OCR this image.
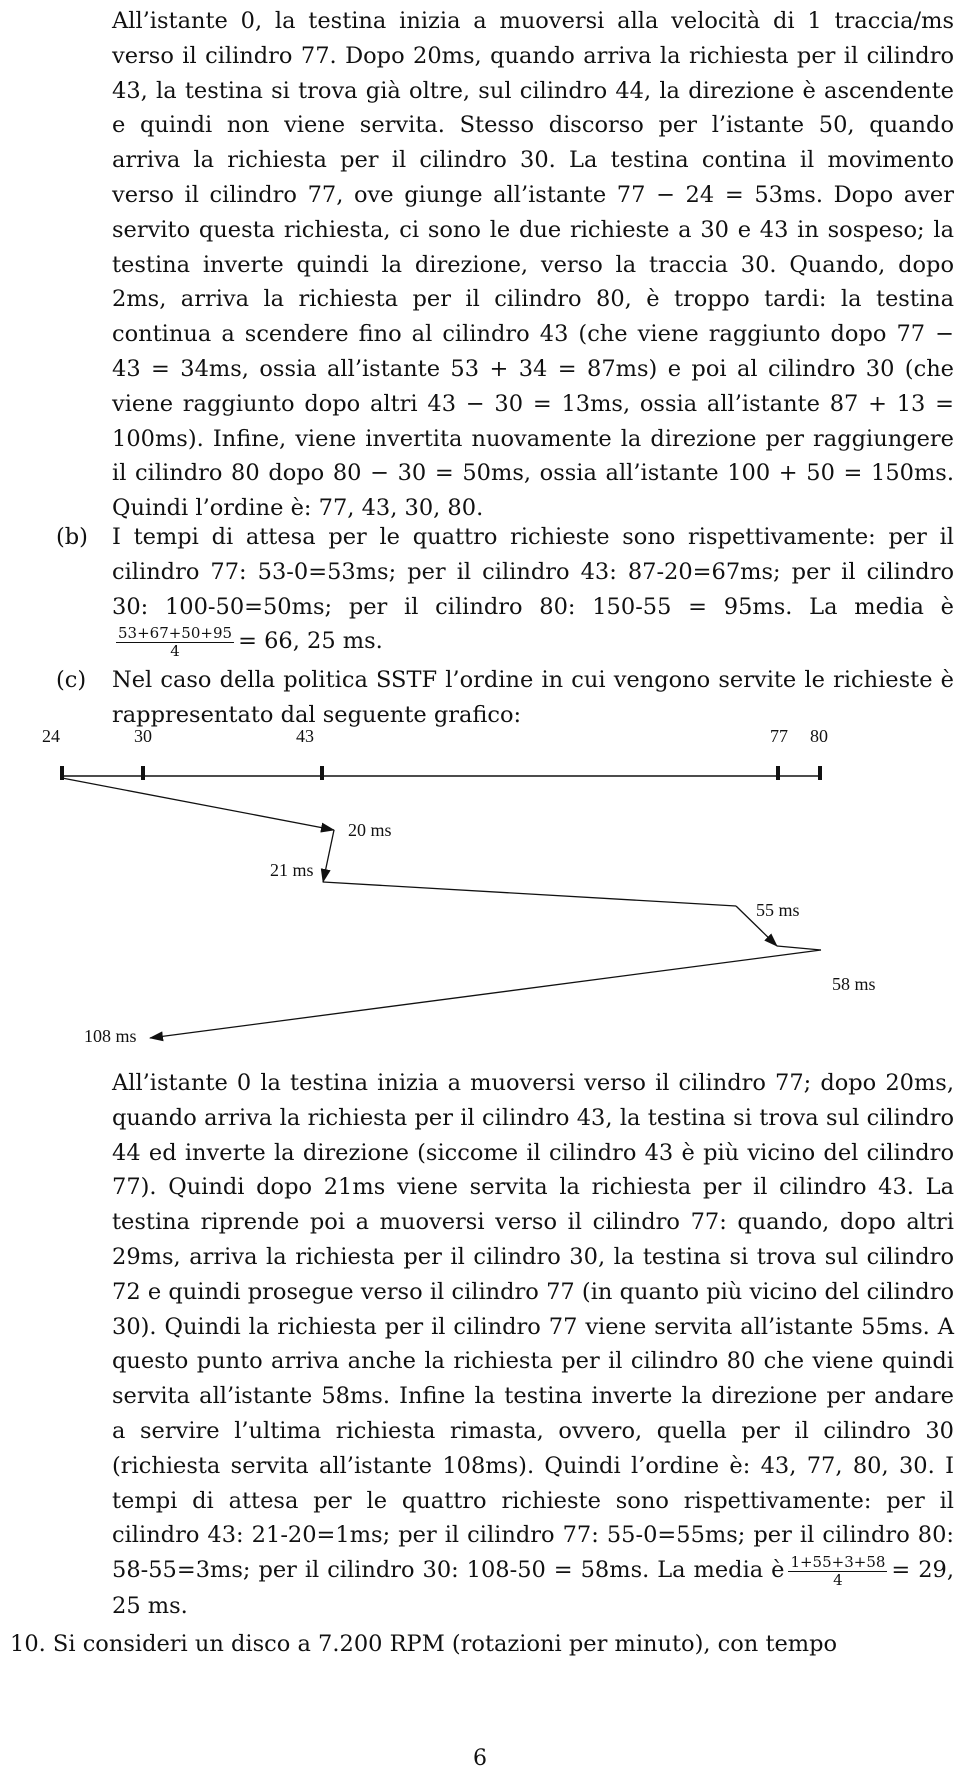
All’istante 0, la testina inizia a muoversi alla velocità di 1 traccia/ms verso il cilindro 77. Dopo 20ms, quando arriva la richiesta per il cilindro 43, la testina si trova già oltre, sul cilindro 44, la direzione è ascendente e quindi non viene servita. Stesso discorso per l’istante 50, quando arriva la richiesta per il cilindro 30. La testina contina il movimento verso il cilindro 77, ove giunge all’istante 77 − 24 = 53ms. Dopo aver servito questa richiesta, ci sono le due richieste a 30 e 43 in sospeso; la testina inverte quindi la direzione, verso la traccia 30. Quando, dopo 2ms, arriva la richiesta per il cilindro 80, è troppo tardi: la testina continua a scendere fino al cilindro 43 (che viene raggiunto dopo 77 − 43 = 34ms, ossia all’istante 53 + 34 = 87ms) e poi al cilindro 30 (che viene raggiunto dopo altri 43 − 30 = 13ms, ossia all’istante 87 + 13 = 100ms). Infine, viene invertita nuovamente la direzione per raggiungere il cilindro 80 dopo 80 − 30 = 50ms, ossia all’istante 100 + 50 = 150ms. Quindi l’ordine è: 77, 43, 30, 80.

(b) I tempi di attesa per le quattro richieste sono rispettivamente: per il cilindro 77: 53-0=53ms; per il cilindro 43: 87-20=67ms; per il cilindro 30: 100-50=50ms; per il cilindro 80: 150-55 = 95ms. La media è
$\frac{53+67+50+95}{4} = 66$, 25 ms.
(c) Nel caso della politica SSTF l’ordine in cui vengono servite le richieste è rappresentato dal seguente grafico:
24	30	43	77 80
20 ms
21 ms
55 ms
58 ms
108 ms

All’istante 0 la testina inizia a muoversi verso il cilindro 77; dopo 20ms, quando arriva la richiesta per il cilindro 43, la testina si trova sul cilindro 44 ed inverte la direzione (siccome il cilindro 43 è più vicino del cilindro 77). Quindi dopo 21ms viene servita la richiesta per il cilindro 43. La testina riprende poi a muoversi verso il cilindro 77: quando, dopo altri 29ms, arriva la richiesta per il cilindro 30, la testina si trova sul cilindro 72 e quindi prosegue verso il cilindro 77 (in quanto più vicino del cilindro 30). Quindi la richiesta per il cilindro 77 viene servita all’istante 55ms. A questo punto arriva anche la richiesta per il cilindro 80 che viene quindi servita all’istante 58ms. Infine la testina inverte la direzione per andare a servire l’ultima richiesta rimasta, ovvero, quella per il cilindro 30 (richiesta servita all’istante 108ms). Quindi l’ordine è: 43, 77, 80, 30. I tempi di attesa per le quattro richieste sono rispettivamente: per il cilindro 43: 21-20=1ms; per il cilindro 77: 55-0=55ms; per il cilindro 80: 58-55=3ms; per il cilindro 30: 108-50 = 58ms. La media è $\frac{1+55+3+58}{4} = 29$, 25 ms.

10. Si consideri un disco a 7.200 RPM (rotazioni per minuto), con tempo
6
